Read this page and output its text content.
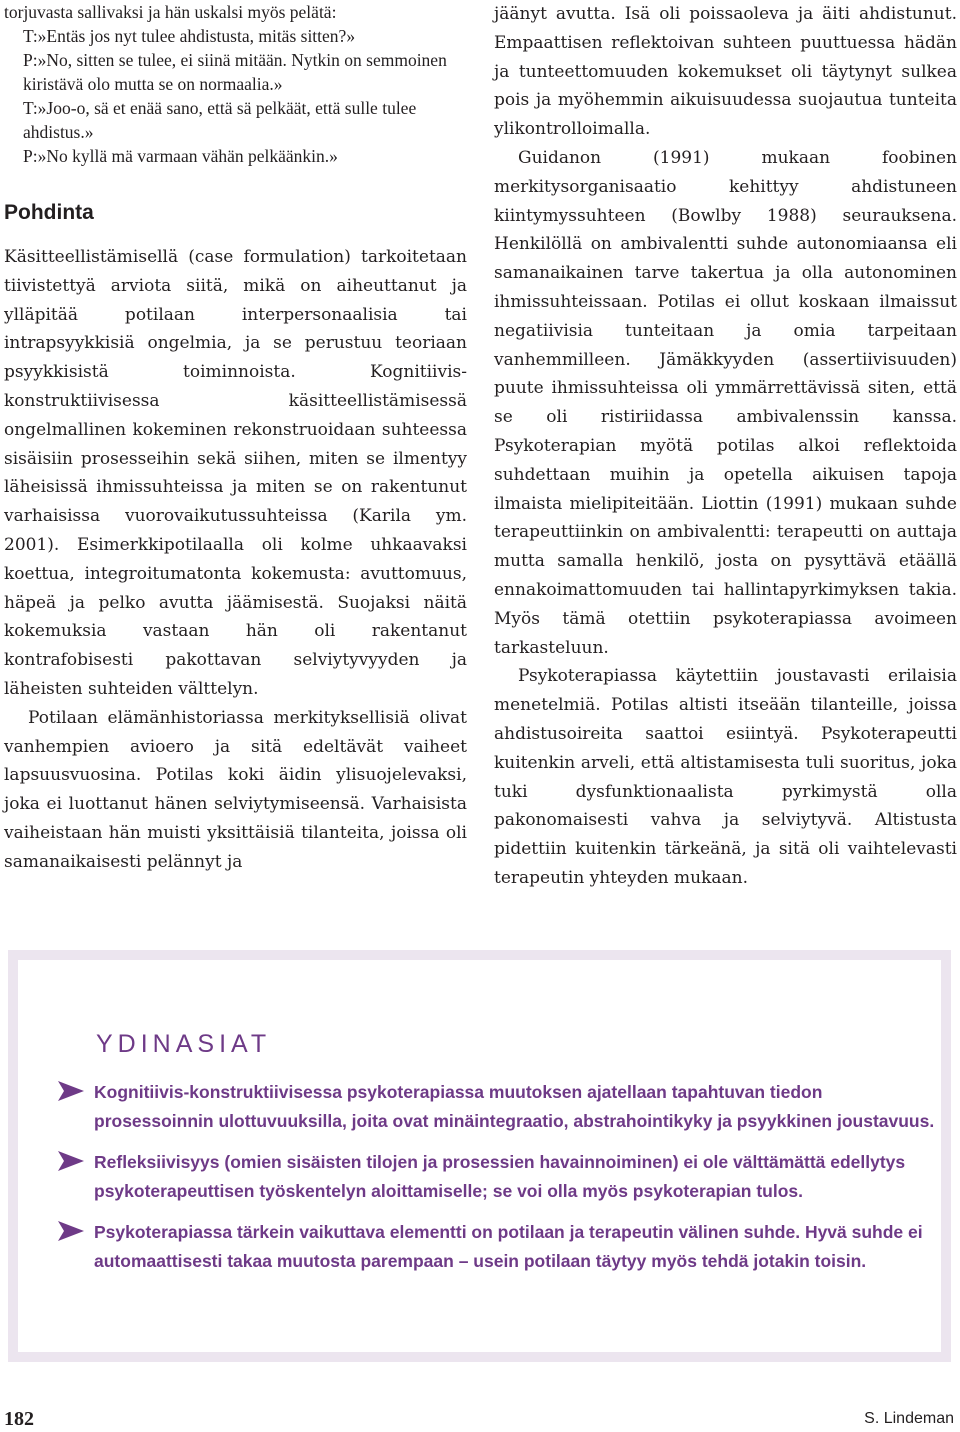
torjuvasta sallivaksi ja hän uskalsi myös pelätä:

T:»Entäs jos nyt tulee ahdistusta, mitäs sitten?»

P:»No, sitten se tulee, ei siinä mitään. Nytkin on semmoinen kiristävä olo mutta se on normaalia.»

T:»Joo-o, sä et enää sano, että sä pelkäät, että sulle tulee ahdistus.»

P:»No kyllä mä varmaan vähän pelkäänkin.»

Pohdinta

Käsitteellistämisellä (case formulation) tarkoitetaan tiivistettyä arviota siitä, mikä on aiheuttanut ja ylläpitää potilaan interpersonaalisia tai intrapsyykkisiä ongelmia, ja se perustuu teoriaan psyykkisistä toiminnoista. Kognitiivis-konstruktiivisessa käsitteellistämisessä ongelmallinen kokeminen rekonstruoidaan suhteessa sisäisiin prosesseihin sekä siihen, miten se ilmentyy läheisissä ihmissuhteissa ja miten se on rakentunut varhaisissa vuorovaikutussuhteissa (Karila ym. 2001). Esimerkkipotilaalla oli kolme uhkaavaksi koettua, integroitumatonta kokemusta: avuttomuus, häpeä ja pelko avutta jäämisestä. Suojaksi näitä kokemuksia vastaan hän oli rakentanut kontrafobisesti pakottavan selviytyvyyden ja läheisten suhteiden välttelyn.

Potilaan elämänhistoriassa merkityksellisiä olivat vanhempien avioero ja sitä edeltävät vaiheet lapsuusvuosina. Potilas koki äidin ylisuojelevaksi, joka ei luottanut hänen selviytymiseensä. Varhaisista vaiheistaan hän muisti yksittäisiä tilanteita, joissa oli samanaikaisesti pelännyt ja

jäänyt avutta. Isä oli poissaoleva ja äiti ahdistunut. Empaattisen reflektoivan suhteen puuttuessa hädän ja tunteettomuuden kokemukset oli täytynyt sulkea pois ja myöhemmin aikuisuudessa suojautua tunteita ylikontrolloimalla.

Guidanon (1991) mukaan foobinen merkitysorganisaatio kehittyy ahdistuneen kiintymyssuhteen (Bowlby 1988) seurauksena. Henkilöllä on ambivalentti suhde autonomiaansa eli samanaikainen tarve takertua ja olla autonominen ihmissuhteissaan. Potilas ei ollut koskaan ilmaissut negatiivisia tunteitaan ja omia tarpeitaan vanhemmilleen. Jämäkkyyden (assertiivisuuden) puute ihmissuhteissa oli ymmärrettävissä siten, että se oli ristiriidassa ambivalenssin kanssa. Psykoterapian myötä potilas alkoi reflektoida suhdettaan muihin ja opetella aikuisen tapoja ilmaista mielipiteitään. Liottin (1991) mukaan suhde terapeuttiinkin on ambivalentti: terapeutti on auttaja mutta samalla henkilö, josta on pysyttävä etäällä ennakoimattomuuden tai hallintapyrkimyksen takia. Myös tämä otettiin psykoterapiassa avoimeen tarkasteluun.

Psykoterapiassa käytettiin joustavasti erilaisia menetelmiä. Potilas altisti itseään tilanteille, joissa ahdistusoireita saattoi esiintyä. Psykoterapeutti kuitenkin arveli, että altistamisesta tuli suoritus, joka tuki dysfunktionaalista pyrkimystä olla pakonomaisesti vahva ja selviytyvä. Altistusta pidettiin kuitenkin tärkeänä, ja sitä oli vaihtelevasti terapeutin yhteyden mukaan.

YDINASIAT
Kognitiivis-konstruktiivisessa psykoterapiassa muutoksen ajatellaan tapahtuvan tiedon prosessoinnin ulottuvuuksilla, joita ovat minäintegraatio, abstrahointikyky ja psyykkinen joustavuus.
Refleksiivisyys (omien sisäisten tilojen ja prosessien havainnoiminen) ei ole välttämättä edellytys psykoterapeuttisen työskentelyn aloittamiselle; se voi olla myös psykoterapian tulos.
Psykoterapiassa tärkein vaikuttava elementti on potilaan ja terapeutin välinen suhde. Hyvä suhde ei automaattisesti takaa muutosta parempaan – usein potilaan täytyy myös tehdä jotakin toisin.
182	S. Lindeman
